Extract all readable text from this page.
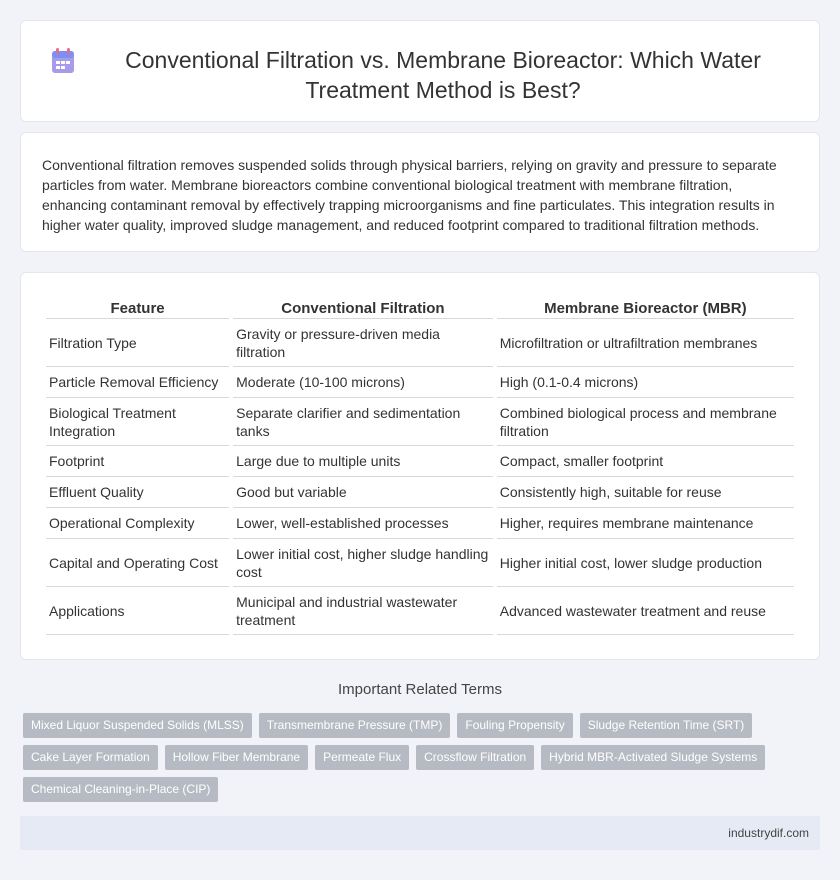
Conventional Filtration vs. Membrane Bioreactor: Which Water Treatment Method is Best?

Conventional filtration removes suspended solids through physical barriers, relying on gravity and pressure to separate particles from water. Membrane bioreactors combine conventional biological treatment with membrane filtration, enhancing contaminant removal by effectively trapping microorganisms and fine particulates. This integration results in higher water quality, improved sludge management, and reduced footprint compared to traditional filtration methods.

Feature	Conventional Filtration	Membrane Bioreactor (MBR)
Filtration Type	Gravity or pressure-driven media filtration	Microfiltration or ultrafiltration membranes
Particle Removal Efficiency	Moderate (10-100 microns)	High (0.1-0.4 microns)
Biological Treatment Integration	Separate clarifier and sedimentation tanks	Combined biological process and membrane filtration
Footprint	Large due to multiple units	Compact, smaller footprint
Effluent Quality	Good but variable	Consistently high, suitable for reuse
Operational Complexity	Lower, well-established processes	Higher, requires membrane maintenance
Capital and Operating Cost	Lower initial cost, higher sludge handling cost	Higher initial cost, lower sludge production
Applications	Municipal and industrial wastewater treatment	Advanced wastewater treatment and reuse
Important Related Terms
Mixed Liquor Suspended Solids (MLSS)	Transmembrane Pressure (TMP)	Fouling Propensity	Sludge Retention Time (SRT)
Cake Layer Formation	Hollow Fiber Membrane	Permeate Flux	Crossflow Filtration	Hybrid MBR-Activated Sludge Systems
Chemical Cleaning-in-Place (CIP)
industrydif.com
